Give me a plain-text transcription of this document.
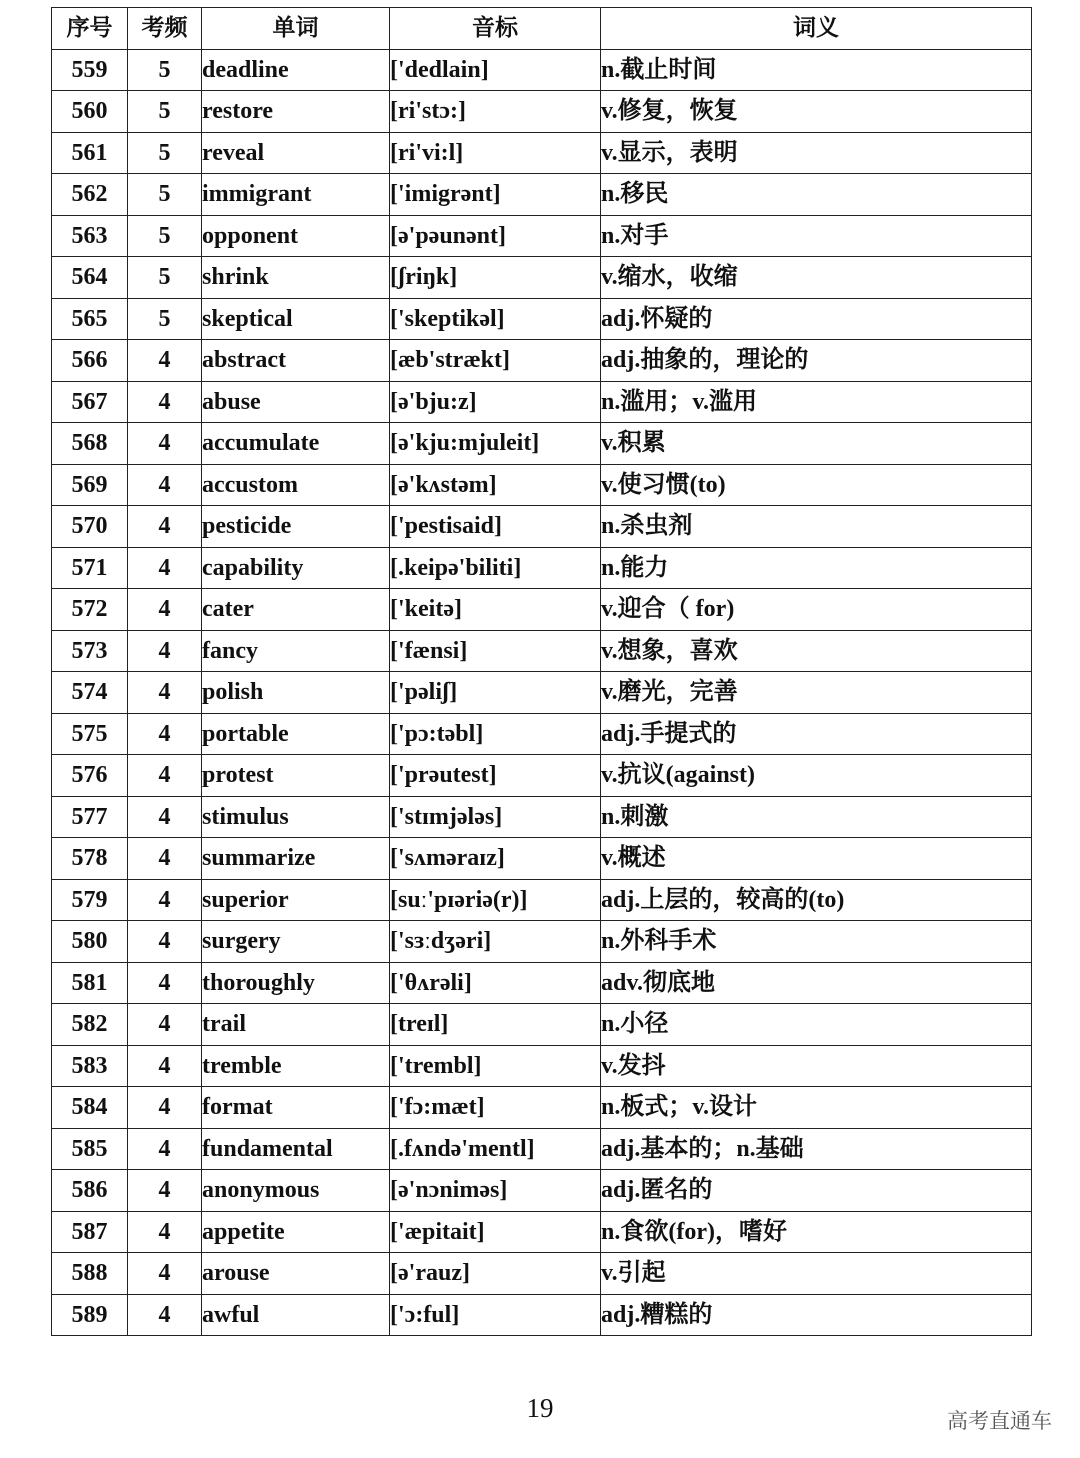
序号	考频	单词	音标	词义
559	5	deadline	['dedlain]	n.截止时间
560	5	restore	[ri'stɔ:]	v.修复，恢复
561	5	reveal	[ri'vi:l]	v.显示，表明
562	5	immigrant	['imigrənt]	n.移民
563	5	opponent	[ə'pəunənt]	n.对手
564	5	shrink	[ʃriŋk]	v.缩水，收缩
565	5	skeptical	['skeptikəl]	adj.怀疑的
566	4	abstract	[æb'strækt]	adj.抽象的，理论的
567	4	abuse	[ə'bju:z]	n.滥用；v.滥用
568	4	accumulate	[ə'kju:mjuleit]	v.积累
569	4	accustom	[ə'kʌstəm]	v.使习惯(to)
570	4	pesticide	['pestisaid]	n.杀虫剂
571	4	capability	[.keipə'biliti]	n.能力
572	4	cater	['keitə]	v.迎合（ for)
573	4	fancy	['fænsi]	v.想象，喜欢
574	4	polish	['pəliʃ]	v.磨光，完善
575	4	portable	['pɔ:təbl]	adj.手提式的
576	4	protest	['prəutest]	v.抗议(against)
577	4	stimulus	['stɪmjələs]	n.刺激
578	4	summarize	['sʌməraɪz]	v.概述
579	4	superior	[suː'pɪəriə(r)]	adj.上层的，较高的(to)
580	4	surgery	['sɜːdʒəri]	n.外科手术
581	4	thoroughly	['θʌrəli]	adv.彻底地
582	4	trail	[treɪl]	n.小径
583	4	tremble	['trembl]	v.发抖
584	4	format	['fɔ:mæt]	n.板式；v.设计
585	4	fundamental	[.fʌndə'mentl]	adj.基本的；n.基础
586	4	anonymous	[ə'nɔniməs]	adj.匿名的
587	4	appetite	['æpitait]	n.食欲(for)，嗜好
588	4	arouse	[ə'rauz]	v.引起
589	4	awful	['ɔ:ful]	adj.糟糕的
19	高考直通车
